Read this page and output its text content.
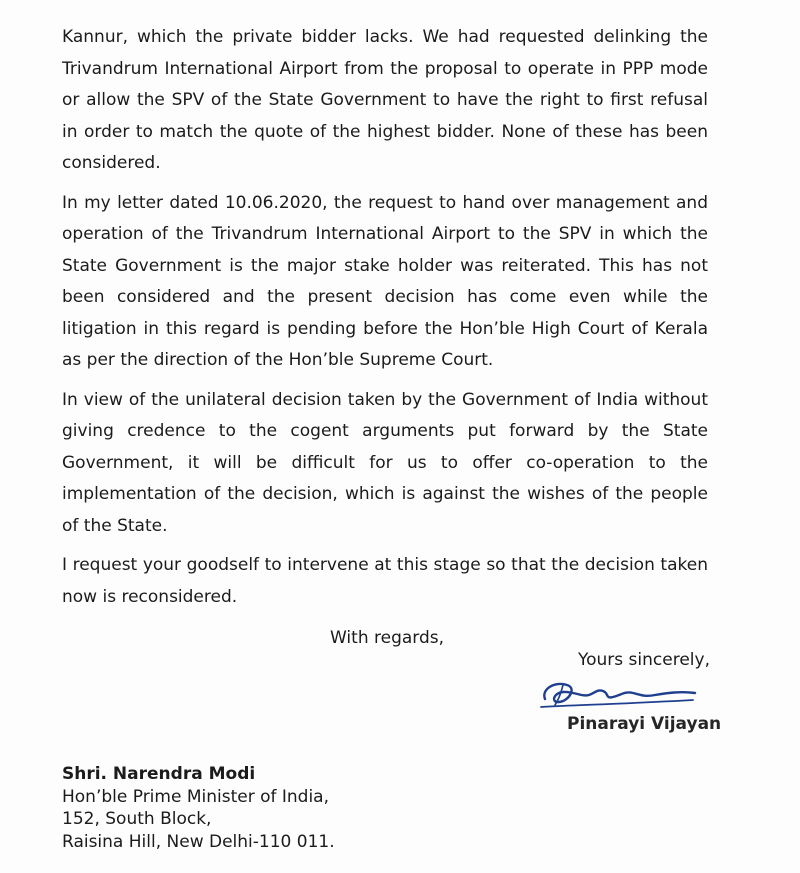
Kannur, which the private bidder lacks. We had requested delinking the Trivandrum International Airport from the proposal to operate in PPP mode or allow the SPV of the State Government to have the right to first refusal in order to match the quote of the highest bidder. None of these has been considered.

In my letter dated 10.06.2020, the request to hand over management and operation of the Trivandrum International Airport to the SPV in which the State Government is the major stake holder was reiterated. This has not been considered and the present decision has come even while the litigation in this regard is pending before the Hon’ble High Court of Kerala as per the direction of the Hon’ble Supreme Court.

In view of the unilateral decision taken by the Government of India without giving credence to the cogent arguments put forward by the State Government, it will be difficult for us to offer co-operation to the implementation of the decision, which is against the wishes of the people of the State.

I request your goodself to intervene at this stage so that the decision taken now is reconsidered.

With regards,
Yours sincerely,
Pinarayi Vijayan
Shri. Narendra Modi
Hon’ble Prime Minister of India,
152, South Block,
Raisina Hill, New Delhi-110 011.
